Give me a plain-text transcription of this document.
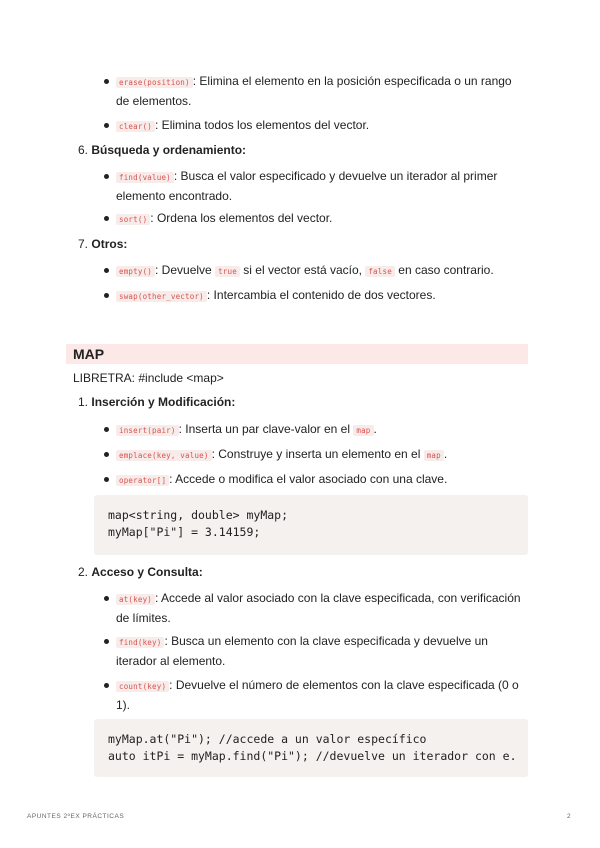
erase(position) : Elimina el elemento en la posición especificada o un rango
de elementos.
clear() : Elimina todos los elementos del vector.
6. Búsqueda y ordenamiento:
find(value) : Busca el valor especificado y devuelve un iterador al primer
elemento encontrado.
sort() : Ordena los elementos del vector.
7. Otros:
empty() : Devuelve true si el vector está vacío, false en caso contrario.
swap(other_vector) : Intercambia el contenido de dos vectores.
MAP
LIBRETRA: #include <map>
1. Inserción y Modificación:
insert(pair) : Inserta un par clave-valor en el map .
emplace(key, value) : Construye y inserta un elemento en el map .
operator[] : Accede o modifica el valor asociado con una clave.
map<string, double> myMap;
myMap["Pi"] = 3.14159;
2. Acceso y Consulta:
at(key) : Accede al valor asociado con la clave especificada, con verificación
de límites.
find(key) : Busca un elemento con la clave especificada y devuelve un
iterador al elemento.
count(key) : Devuelve el número de elementos con la clave especificada (0 o
1).
myMap.at("Pi"); //accede a un valor específico
auto itPi = myMap.find("Pi"); //devuelve un iterador con e.
APUNTES 2ºEX PRÁCTICAS	2
